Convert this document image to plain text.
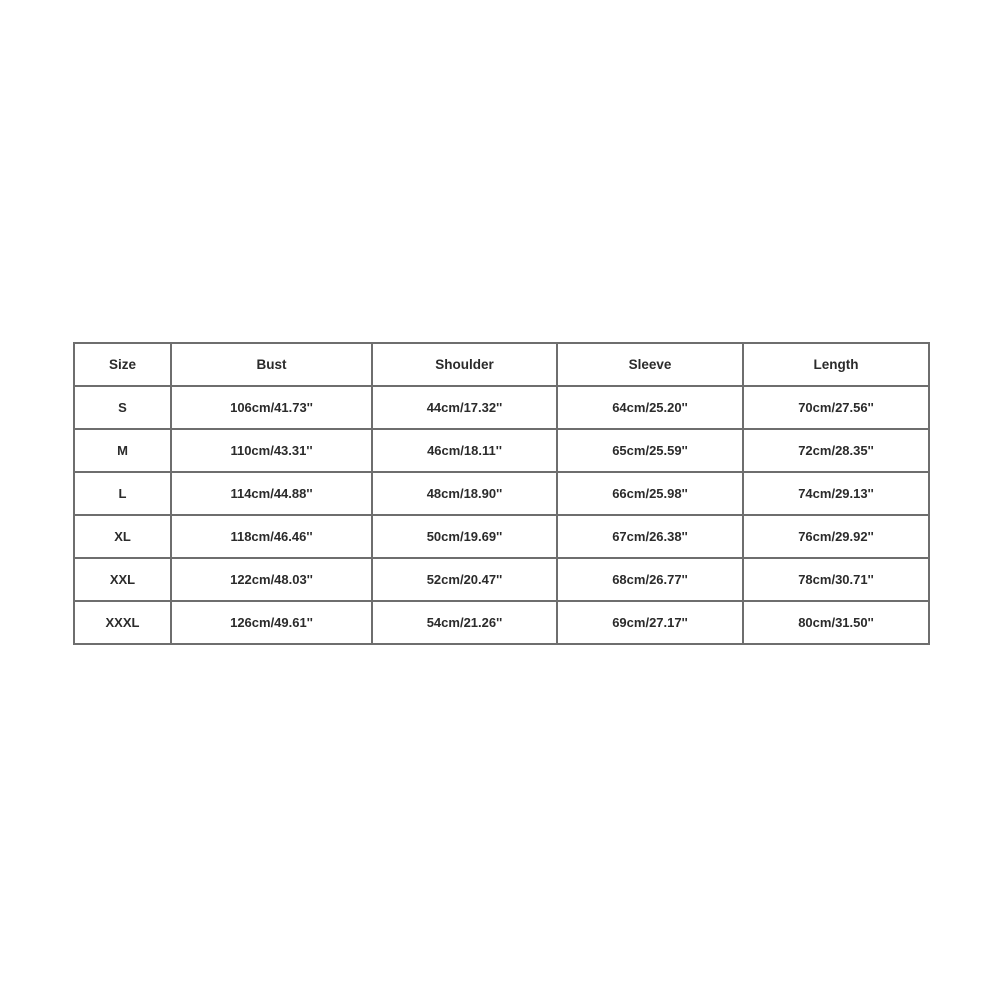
Size	Bust	Shoulder	Sleeve	Length
S	106cm/41.73''	44cm/17.32''	64cm/25.20''	70cm/27.56''
M	110cm/43.31''	46cm/18.11''	65cm/25.59''	72cm/28.35''
L	114cm/44.88''	48cm/18.90''	66cm/25.98''	74cm/29.13''
XL	118cm/46.46''	50cm/19.69''	67cm/26.38''	76cm/29.92''
XXL	122cm/48.03''	52cm/20.47''	68cm/26.77''	78cm/30.71''
XXXL	126cm/49.61''	54cm/21.26''	69cm/27.17''	80cm/31.50''
